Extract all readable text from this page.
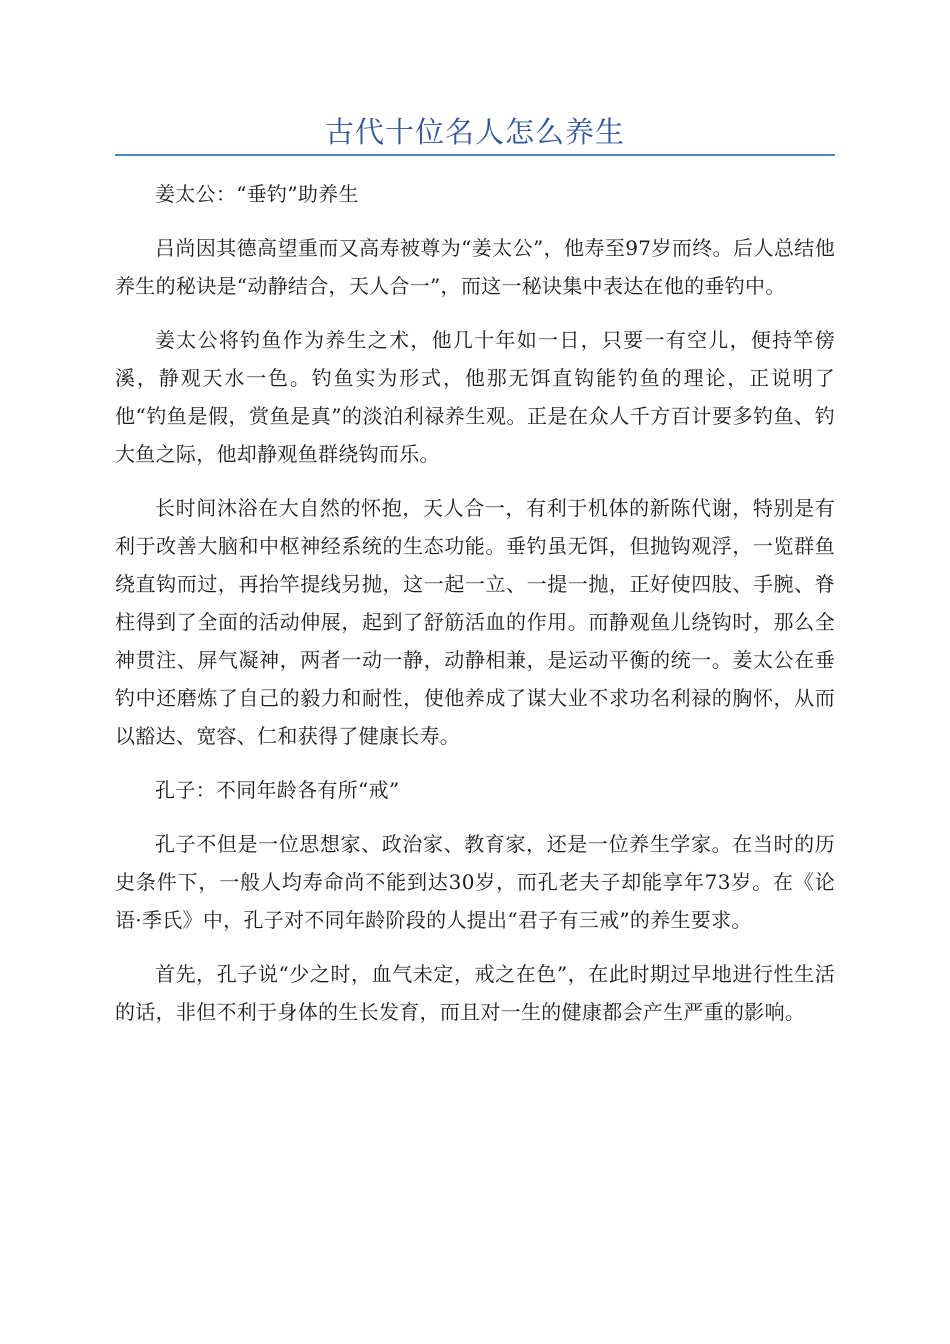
古代十位名人怎么养生

姜太公：“垂钓”助养生

吕尚因其德高望重而又高寿被尊为“姜太公”，他寿至97岁而终。后人总结他养生的秘诀是“动静结合，天人合一”，而这一秘诀集中表达在他的垂钓中。

姜太公将钓鱼作为养生之术，他几十年如一日，只要一有空儿，便持竿傍溪，静观天水一色。钓鱼实为形式，他那无饵直钩能钓鱼的理论，正说明了他“钓鱼是假，赏鱼是真”的淡泊利禄养生观。正是在众人千方百计要多钓鱼、钓大鱼之际，他却静观鱼群绕钩而乐。

长时间沐浴在大自然的怀抱，天人合一，有利于机体的新陈代谢，特别是有利于改善大脑和中枢神经系统的生态功能。垂钓虽无饵，但抛钩观浮，一览群鱼绕直钩而过，再抬竿提线另抛，这一起一立、一提一抛，正好使四肢、手腕、脊柱得到了全面的活动伸展，起到了舒筋活血的作用。而静观鱼儿绕钩时，那么全神贯注、屏气凝神，两者一动一静，动静相兼，是运动平衡的统一。姜太公在垂钓中还磨炼了自己的毅力和耐性，使他养成了谋大业不求功名利禄的胸怀，从而以豁达、宽容、仁和获得了健康长寿。

孔子：不同年龄各有所“戒”

孔子不但是一位思想家、政治家、教育家，还是一位养生学家。在当时的历史条件下，一般人均寿命尚不能到达30岁，而孔老夫子却能享年73岁。在《论语·季氏》中，孔子对不同年龄阶段的人提出“君子有三戒”的养生要求。

首先，孔子说“少之时，血气未定，戒之在色”，在此时期过早地进行性生活的话，非但不利于身体的生长发育，而且对一生的健康都会产生严重的影响。
